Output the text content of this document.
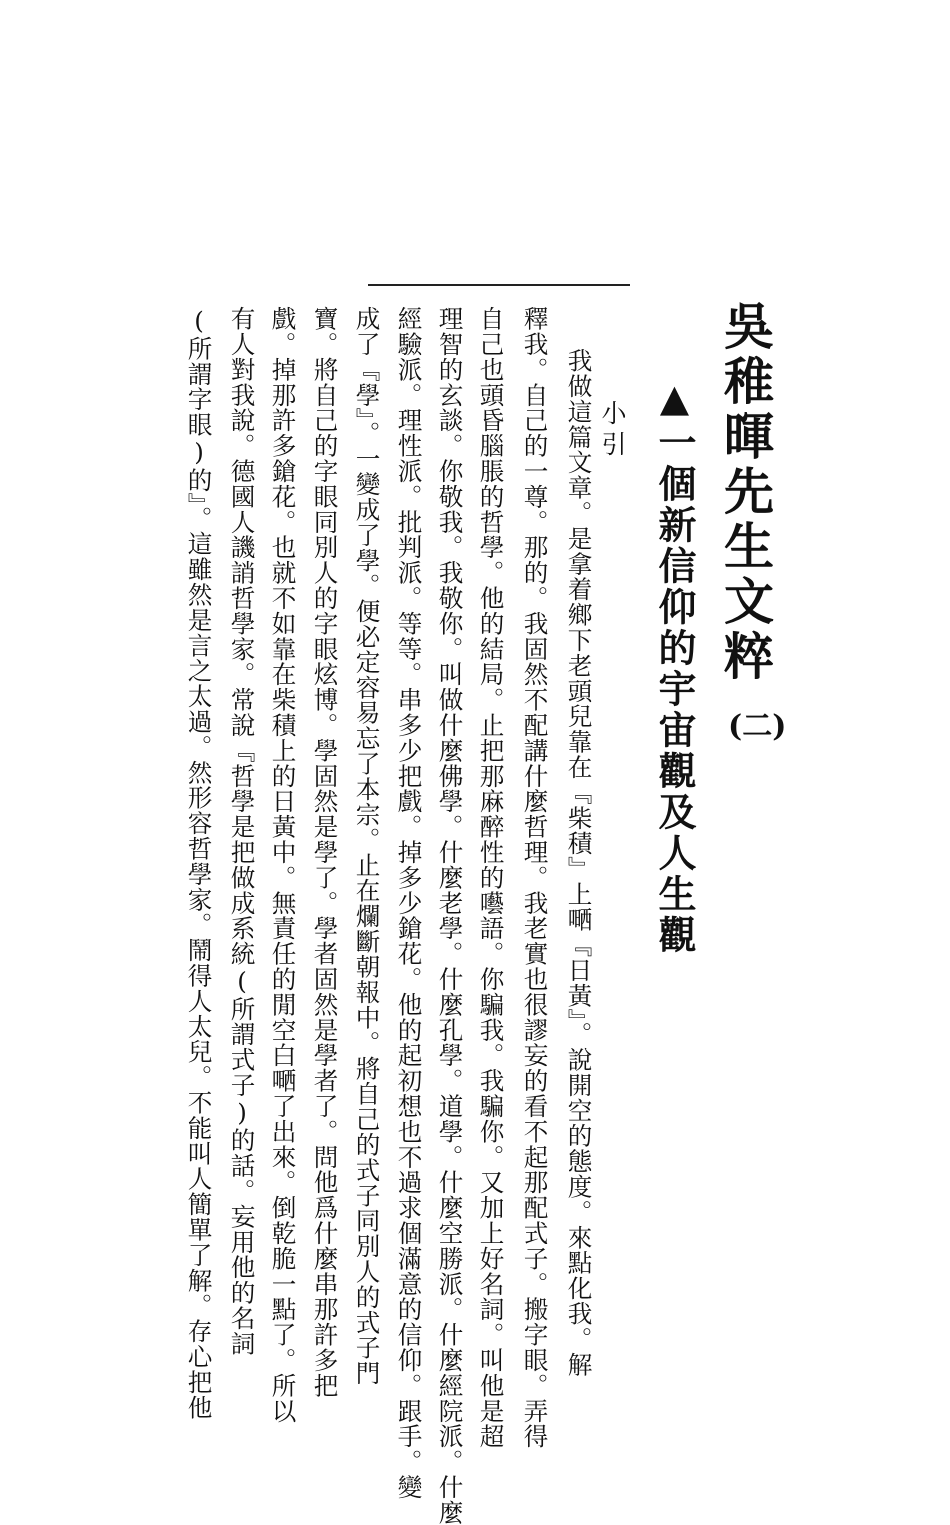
吳稚暉先生文粹
(二)
▲一個新信仰的宇宙觀及人生觀
小引
我做這篇文章。是拿着鄉下老頭兒靠在『柴積』上嗮『日黃』。說開空的態度。來點化我。解
釋我。自己的一尊。那的。我固然不配講什麼哲理。我老實也很謬妄的看不起那配式子。搬字眼。弄得
自己也頭昏腦脹的哲學。他的結局。止把那麻醉性的囈語。你騙我。我騙你。又加上好名詞。叫他是超
理智的玄談。你敬我。我敬你。叫做什麼佛學。什麼老學。什麼孔學。道學。什麼空勝派。什麼經院派。什麼
經驗派。理性派。批判派。等等。串多少把戲。掉多少鎗花。他的起初想也不過求個滿意的信仰。跟手。變
成了『學』。一變成了學。便必定容易忘了本宗。止在爛斷朝報中。將自己的式子同別人的式子門
寶。將自己的字眼同別人的字眼炫博。學固然是學了。學者固然是學者了。問他爲什麼串那許多把
戲。掉那許多鎗花。也就不如靠在柴積上的日黃中。無責任的閒空白嗮了出來。倒乾脆一點了。所以
有人對我說。德國人譏誚哲學家。常說『哲學是把做成系統(所謂式子)的話。妄用他的名詞
(所謂字眼)的』。這雖然是言之太過。然形容哲學家。鬧得人太兒。不能叫人簡單了解。存心把他
